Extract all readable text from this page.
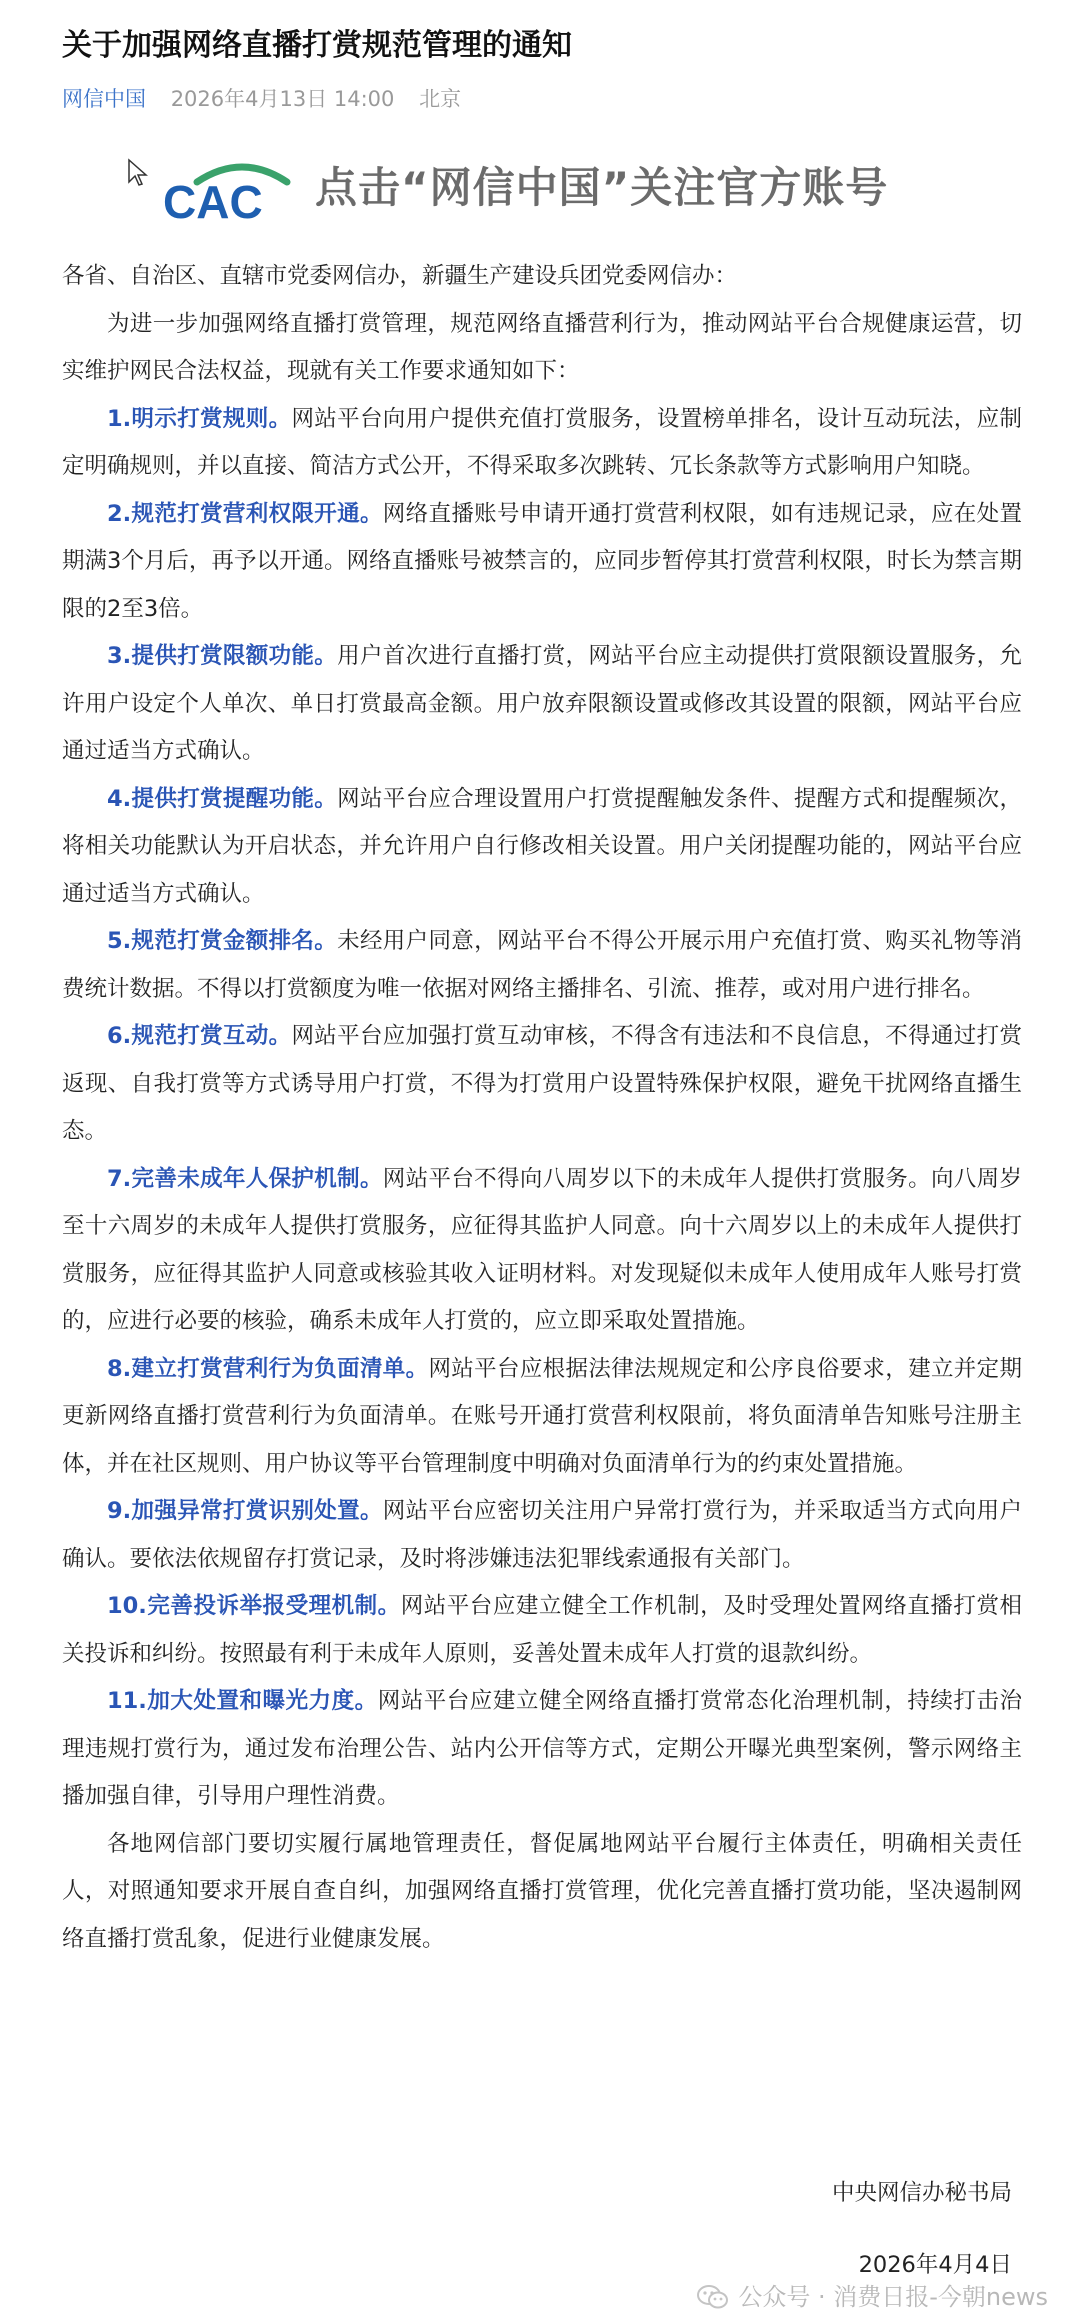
关于加强网络直播打赏规范管理的通知
网信中国 2026年4月13日 14:00 北京
CAC 点击“网信中国”关注官方账号

各省、自治区、直辖市党委网信办，新疆生产建设兵团党委网信办：

为进一步加强网络直播打赏管理，规范网络直播营利行为，推动网站平台合规健康运营，切实维护网民合法权益，现就有关工作要求通知如下：

1.明示打赏规则。网站平台向用户提供充值打赏服务，设置榜单排名，设计互动玩法，应制定明确规则，并以直接、简洁方式公开，不得采取多次跳转、冗长条款等方式影响用户知晓。

2.规范打赏营利权限开通。网络直播账号申请开通打赏营利权限，如有违规记录，应在处置期满3个月后，再予以开通。网络直播账号被禁言的，应同步暂停其打赏营利权限，时长为禁言期限的2至3倍。

3.提供打赏限额功能。用户首次进行直播打赏，网站平台应主动提供打赏限额设置服务，允许用户设定个人单次、单日打赏最高金额。用户放弃限额设置或修改其设置的限额，网站平台应通过适当方式确认。

4.提供打赏提醒功能。网站平台应合理设置用户打赏提醒触发条件、提醒方式和提醒频次，将相关功能默认为开启状态，并允许用户自行修改相关设置。用户关闭提醒功能的，网站平台应通过适当方式确认。

5.规范打赏金额排名。未经用户同意，网站平台不得公开展示用户充值打赏、购买礼物等消费统计数据。不得以打赏额度为唯一依据对网络主播排名、引流、推荐，或对用户进行排名。

6.规范打赏互动。网站平台应加强打赏互动审核，不得含有违法和不良信息，不得通过打赏返现、自我打赏等方式诱导用户打赏，不得为打赏用户设置特殊保护权限，避免干扰网络直播生态。

7.完善未成年人保护机制。网站平台不得向八周岁以下的未成年人提供打赏服务。向八周岁至十六周岁的未成年人提供打赏服务，应征得其监护人同意。向十六周岁以上的未成年人提供打赏服务，应征得其监护人同意或核验其收入证明材料。对发现疑似未成年人使用成年人账号打赏的，应进行必要的核验，确系未成年人打赏的，应立即采取处置措施。

8.建立打赏营利行为负面清单。网站平台应根据法律法规规定和公序良俗要求，建立并定期更新网络直播打赏营利行为负面清单。在账号开通打赏营利权限前，将负面清单告知账号注册主体，并在社区规则、用户协议等平台管理制度中明确对负面清单行为的约束处置措施。

9.加强异常打赏识别处置。网站平台应密切关注用户异常打赏行为，并采取适当方式向用户确认。要依法依规留存打赏记录，及时将涉嫌违法犯罪线索通报有关部门。

10.完善投诉举报受理机制。网站平台应建立健全工作机制，及时受理处置网络直播打赏相关投诉和纠纷。按照最有利于未成年人原则，妥善处置未成年人打赏的退款纠纷。

11.加大处置和曝光力度。网站平台应建立健全网络直播打赏常态化治理机制，持续打击治理违规打赏行为，通过发布治理公告、站内公开信等方式，定期公开曝光典型案例，警示网络主播加强自律，引导用户理性消费。

各地网信部门要切实履行属地管理责任，督促属地网站平台履行主体责任，明确相关责任人，对照通知要求开展自查自纠，加强网络直播打赏管理，优化完善直播打赏功能，坚决遏制网络直播打赏乱象，促进行业健康发展。

中央网信办秘书局
2026年4月4日
公众号 · 消费日报-今朝news
